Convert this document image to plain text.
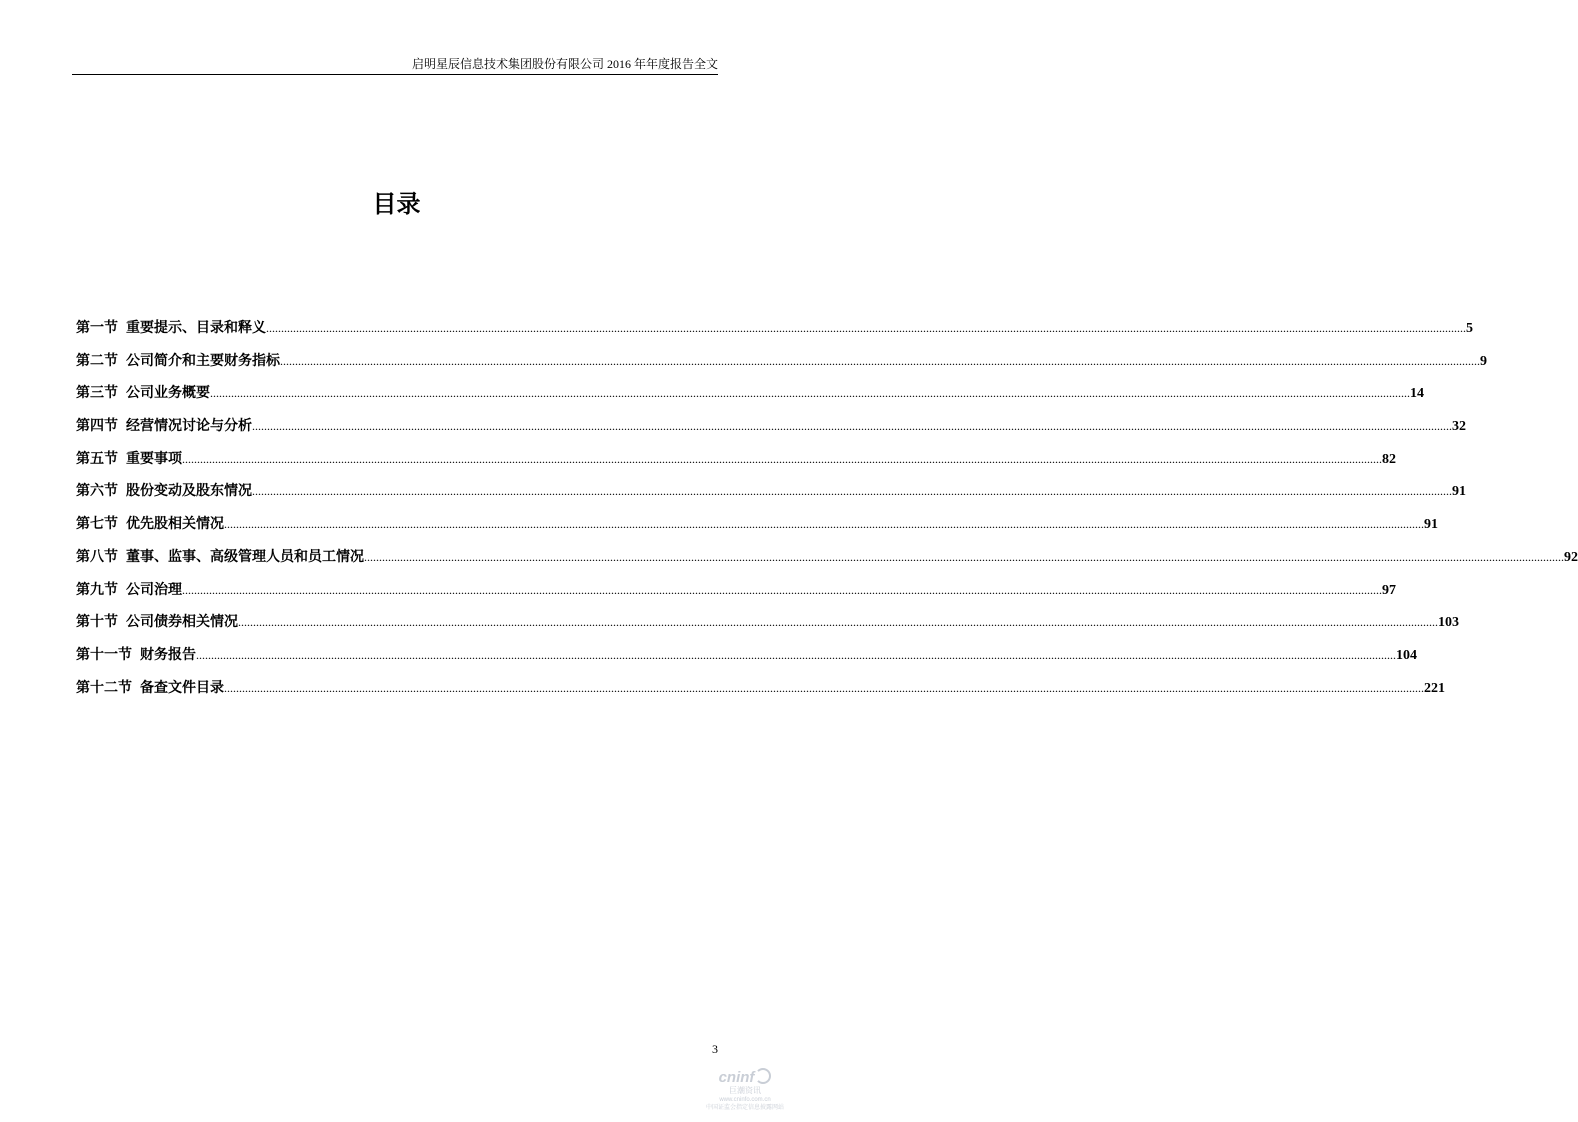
启明星辰信息技术集团股份有限公司 2016 年年度报告全文
目录
第一节 重要提示、目录和释义 ................................................................................................................................................................................................................................................................................................................................................................................................................ 5
第二节 公司简介和主要财务指标 ................................................................................................................................................................................................................................................................................................................................................................................................................ 9
第三节 公司业务概要 ................................................................................................................................................................................................................................................................................................................................................................................................................ 14
第四节 经营情况讨论与分析 ................................................................................................................................................................................................................................................................................................................................................................................................................ 32
第五节 重要事项 ................................................................................................................................................................................................................................................................................................................................................................................................................ 82
第六节 股份变动及股东情况 ................................................................................................................................................................................................................................................................................................................................................................................................................ 91
第七节 优先股相关情况 ................................................................................................................................................................................................................................................................................................................................................................................................................ 91
第八节 董事、监事、高级管理人员和员工情况 ................................................................................................................................................................................................................................................................................................................................................................................................................ 92
第九节 公司治理 ................................................................................................................................................................................................................................................................................................................................................................................................................ 97
第十节 公司债券相关情况 ................................................................................................................................................................................................................................................................................................................................................................................................................ 103
第十一节 财务报告 ................................................................................................................................................................................................................................................................................................................................................................................................................ 104
第十二节 备查文件目录 ................................................................................................................................................................................................................................................................................................................................................................................................................ 221
3
cninf
巨潮资讯
www.cninfo.com.cn
中国证监会指定信息披露网站
